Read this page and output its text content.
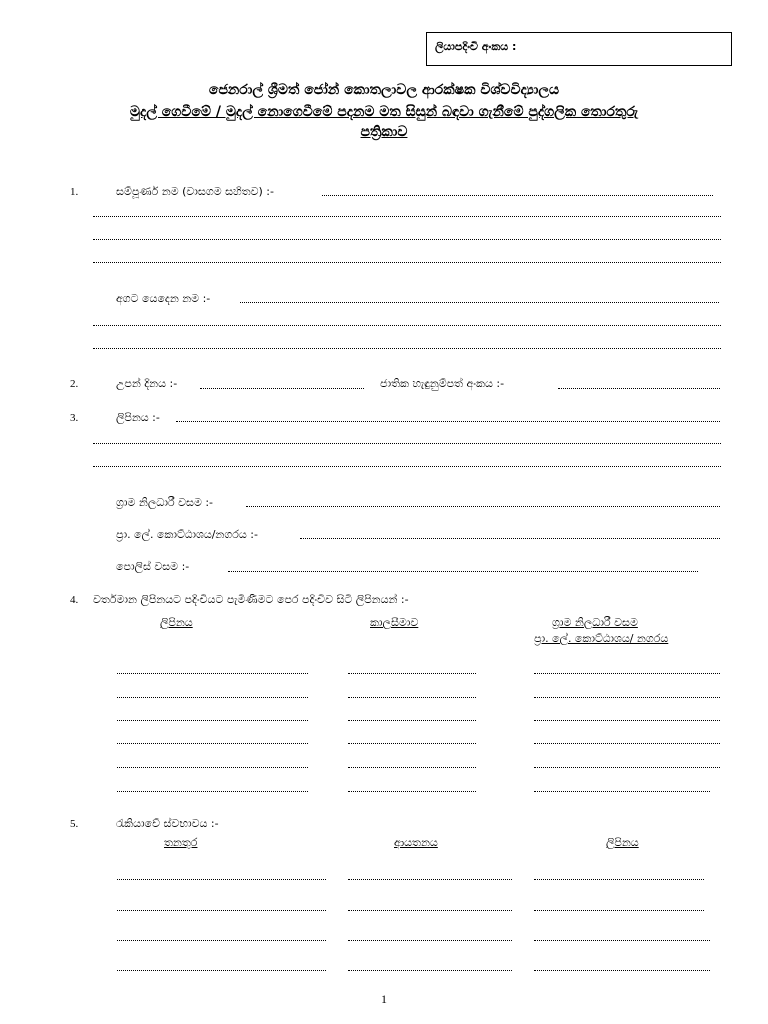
ලියාපදිංචි අංකය :
ජෙනරාල් ශ්‍රීමත් ජෝන් කොතලාවල ආරක්ෂක විශ්වවිද්‍යාලය
මුදල් ගෙවීමේ / මුදල් නොගෙවීමේ පදනම මත සිසුන් බඳවා ගැනීමේ පුද්ගලික තොරතුරු
පත්‍රිකාව
1.	සම්පූර්ණ නම (වාසගම සහිතව) :-
අගට යෙදෙන නම :-
2.	උපන් දිනය :-	ජාතික හැඳුනුම්පත් අංකය :-
3.	ලිපිනය :-
ග්‍රාම නිලධාරී වසම :-
ප්‍රා. ලේ. කොට්ඨාශය/නගරය :-
පොලිස් වසම :-
4. වර්තමාන ලිපිනයට පදිංචියට පැමිණීමට පෙර පදිංචිව සිටි ලිපිනයන් :-
ලිපිනය	කාලසීමාව	ග්‍රාම නිලධාරී වසම
ප්‍රා. ලේ. කොට්ඨාශය/ නගරය
5.	රැකියාවේ ස්වභාවය :-
තනතුර	ආයතනය	ලිපිනය
1
